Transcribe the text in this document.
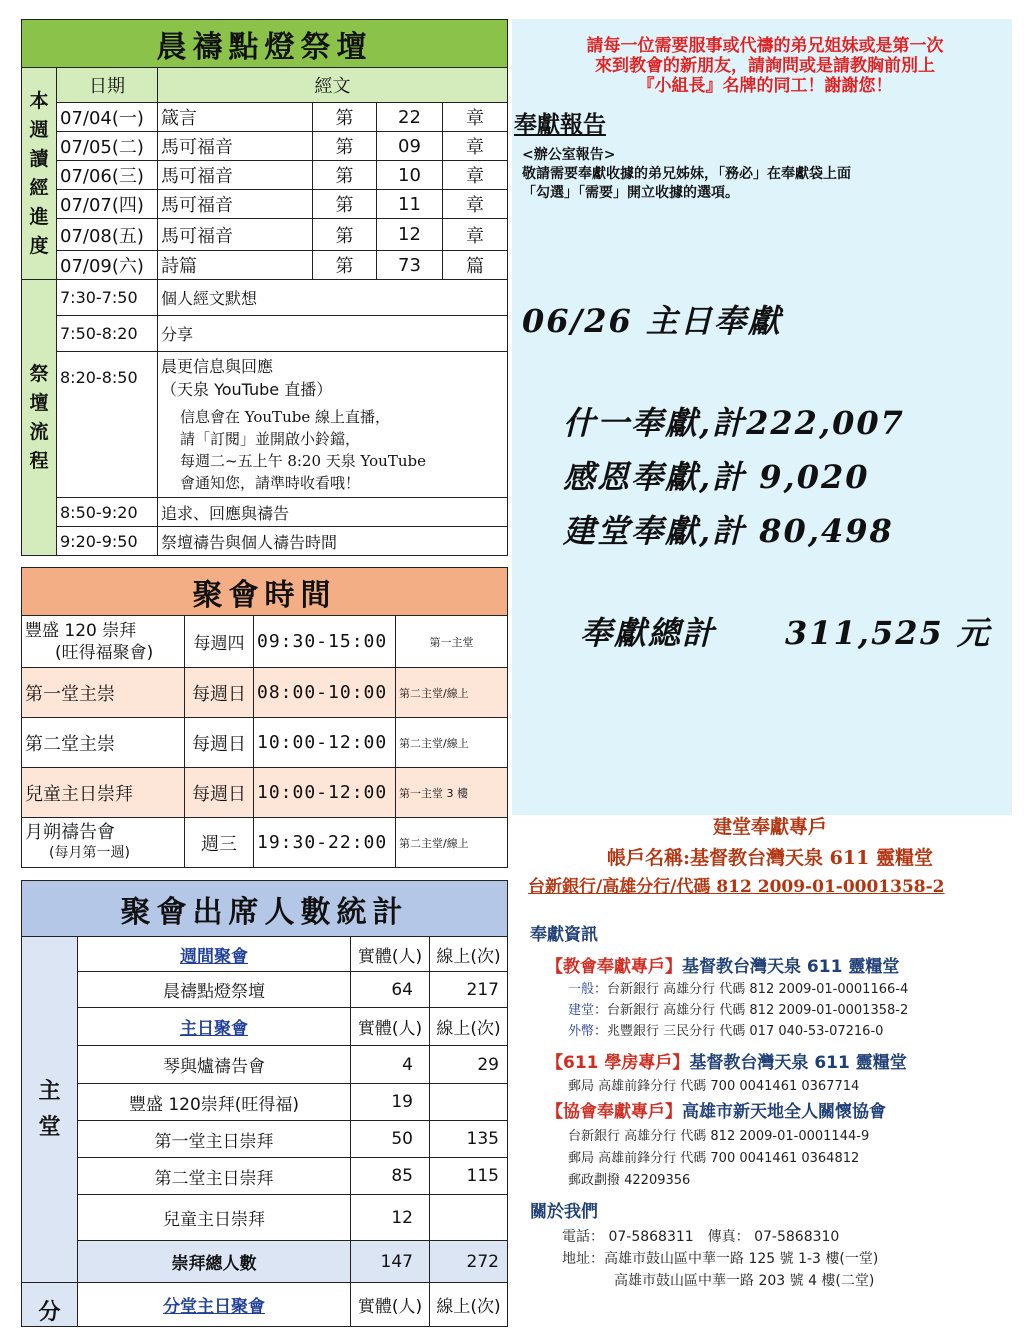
晨禱點燈祭壇					

本週讀經進度	日期	經文			
	07/04(一)	箴言	第	22	章
	07/05(二)	馬可福音	第	09	章
	07/06(三)	馬可福音	第	10	章
	07/07(四)	馬可福音	第	11	章
	07/08(五)	馬可福音	第	12	章
	07/09(六)	詩篇	第	73	篇

祭壇流程	7:30-7:50	個人經文默想			
	7:50-8:20	分享			
	8:20-8:50	晨更信息與回應
（天泉 YouTube 直播）			

		信息會在 YouTube 線上直播，
請「訂閱」並開啟小鈴鐺，
每週二~五上午 8:20 天泉 YouTube
會通知您，請準時收看哦！			

	8:50-9:20	追求、回應與禱告			
	9:20-9:50	祭壇禱告與個人禱告時間			
聚會時間			

豐盛 120 崇拜
(旺得福聚會)	每週四	09:30-15:00	第一主堂
第一堂主崇	每週日	08:00-10:00	第二主堂/線上
第二堂主崇	每週日	10:00-12:00	第二主堂/線上
兒童主日崇拜	每週日	10:00-12:00	第一主堂 3 樓

月朔禱告會
(每月第一週)	週三	19:30-22:00	第二主堂/線上
聚會出席人數統計			

主堂	週間聚會	實體(人)	線上(次)
	晨禱點燈祭壇	64	217
	主日聚會	實體(人)	線上(次)
	琴與爐禱告會	4	29
	豐盛 120崇拜(旺得福)	19	
	第一堂主日崇拜	50	135
	第二堂主日崇拜	85	115
	兒童主日崇拜	12	
	崇拜總人數	147	272
分	分堂主日聚會	實體(人)	線上(次)
請每一位需要服事或代禱的弟兄姐妹或是第一次
來到教會的新朋友，請詢問或是請教胸前別上
『小組長』名牌的同工！謝謝您！
奉獻報告
<辦公室報告>
敬請需要奉獻收據的弟兄姊妹，「務必」在奉獻袋上面
「勾選」「需要」開立收據的選項。
06/26 主日奉獻
什一奉獻,計222,007
感恩奉獻,計 9,020
建堂奉獻,計 80,498
奉獻總計 311,525 元
建堂奉獻專戶
帳戶名稱:基督教台灣天泉 611 靈糧堂
台新銀行/高雄分行/代碼 812 2009-01-0001358-2
奉獻資訊
【教會奉獻專戶】基督教台灣天泉 611 靈糧堂
一般：台新銀行 高雄分行 代碼 812 2009-01-0001166-4
建堂：台新銀行 高雄分行 代碼 812 2009-01-0001358-2
外幣：兆豐銀行 三民分行 代碼 017 040-53-07216-0
【611 學房專戶】基督教台灣天泉 611 靈糧堂
郵局 高雄前鋒分行 代碼 700 0041461 0367714
【協會奉獻專戶】高雄市新天地全人關懷協會
台新銀行 高雄分行 代碼 812 2009-01-0001144-9
郵局 高雄前鋒分行 代碼 700 0041461 0364812
郵政劃撥 42209356
關於我們
電話： 07-5868311　傳真： 07-5868310
地址：高雄市鼓山區中華一路 125 號 1-3 樓(一堂)
高雄市鼓山區中華一路 203 號 4 樓(二堂)
